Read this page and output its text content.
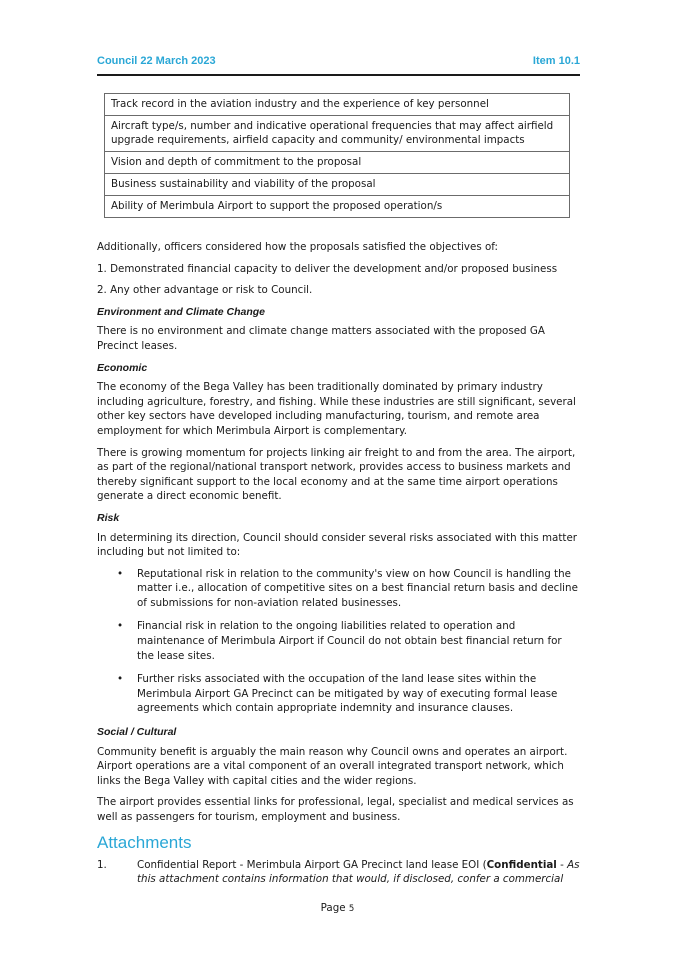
Council 22 March 2023	Item 10.1
Track record in the aviation industry and the experience of key personnel
Aircraft type/s, number and indicative operational frequencies that may affect airfield upgrade requirements, airfield capacity and community/ environmental impacts
Vision and depth of commitment to the proposal
Business sustainability and viability of the proposal
Ability of Merimbula Airport to support the proposed operation/s

Additionally, officers considered how the proposals satisfied the objectives of:

1. Demonstrated financial capacity to deliver the development and/or proposed business

2. Any other advantage or risk to Council.

Environment and Climate Change

There is no environment and climate change matters associated with the proposed GA Precinct leases.

Economic

The economy of the Bega Valley has been traditionally dominated by primary industry including agriculture, forestry, and fishing. While these industries are still significant, several other key sectors have developed including manufacturing, tourism, and remote area employment for which Merimbula Airport is complementary.

There is growing momentum for projects linking air freight to and from the area. The airport, as part of the regional/national transport network, provides access to business markets and thereby significant support to the local economy and at the same time airport operations generate a direct economic benefit.

Risk

In determining its direction, Council should consider several risks associated with this matter including but not limited to:

• Reputational risk in relation to the community's view on how Council is handling the matter i.e., allocation of competitive sites on a best financial return basis and decline of submissions for non-aviation related businesses.
• Financial risk in relation to the ongoing liabilities related to operation and maintenance of Merimbula Airport if Council do not obtain best financial return for the lease sites.
• Further risks associated with the occupation of the land lease sites within the Merimbula Airport GA Precinct can be mitigated by way of executing formal lease agreements which contain appropriate indemnity and insurance clauses.
Social / Cultural

Community benefit is arguably the main reason why Council owns and operates an airport. Airport operations are a vital component of an overall integrated transport network, which links the Bega Valley with capital cities and the wider regions.

The airport provides essential links for professional, legal, specialist and medical services as well as passengers for tourism, employment and business.

Attachments
1.	Confidential Report - Merimbula Airport GA Precinct land lease EOI (Confidential - As this attachment contains information that would, if disclosed, confer a commercial
Page 5
